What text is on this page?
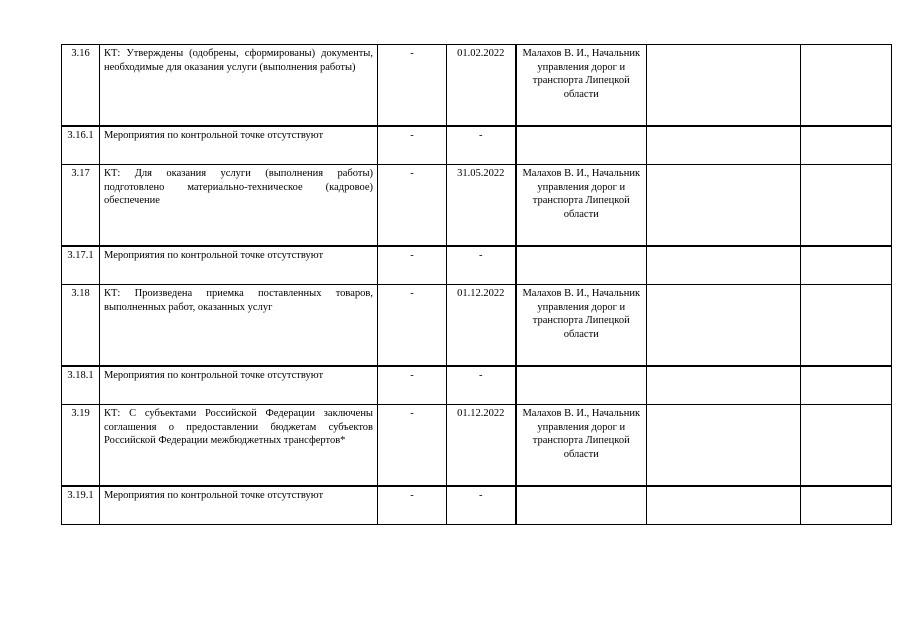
3.16	КТ: Утверждены (одобрены, сформированы) документы, необходимые для оказания услуги (выполнения работы)	-	01.02.2022	Малахов В. И., Начальник управления дорог и транспорта Липецкой области		
3.16.1	Мероприятия по контрольной точке отсутствуют	-	-			
3.17	КТ: Для оказания услуги (выполнения работы) подготовлено материально-техническое (кадровое) обеспечение	-	31.05.2022	Малахов В. И., Начальник управления дорог и транспорта Липецкой области		
3.17.1	Мероприятия по контрольной точке отсутствуют	-	-			
3.18	КТ: Произведена приемка поставленных товаров, выполненных работ, оказанных услуг	-	01.12.2022	Малахов В. И., Начальник управления дорог и транспорта Липецкой области		
3.18.1	Мероприятия по контрольной точке отсутствуют	-	-			
3.19	КТ: С субъектами Российской Федерации заключены соглашения о предоставлении бюджетам субъектов Российской Федерации межбюджетных трансфертов*	-	01.12.2022	Малахов В. И., Начальник управления дорог и транспорта Липецкой области		
3.19.1	Мероприятия по контрольной точке отсутствуют	-	-			
